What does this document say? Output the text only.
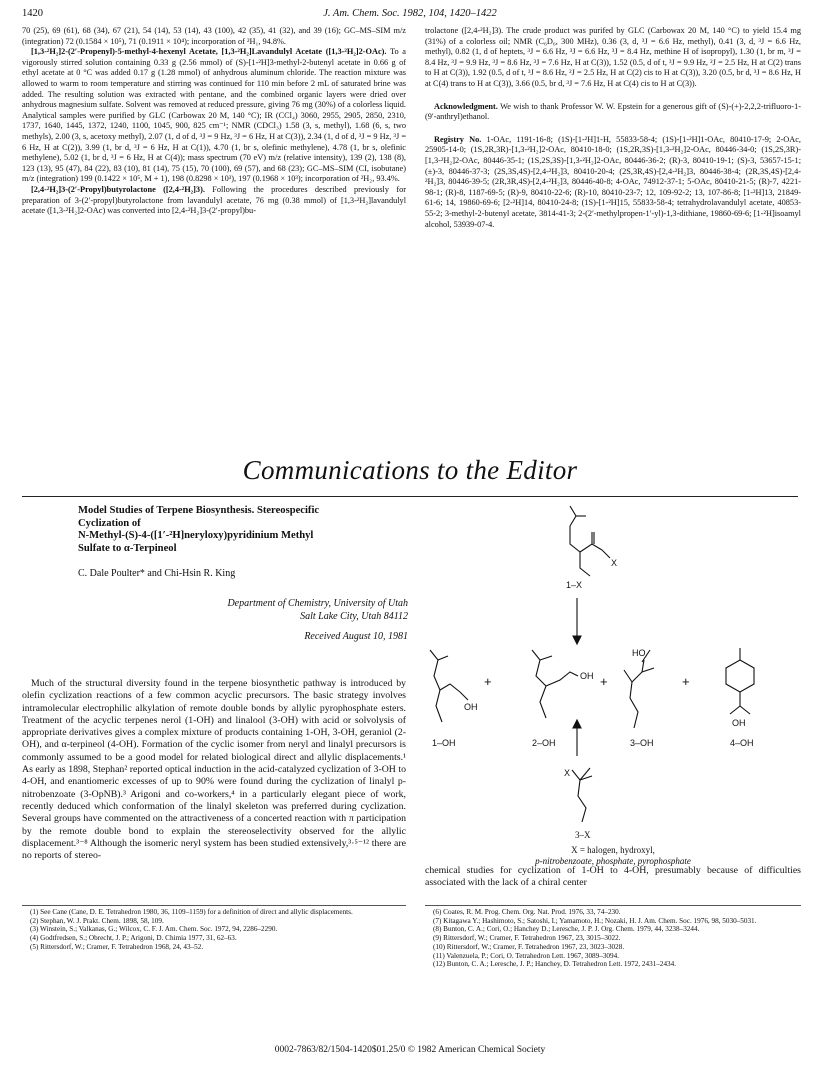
1420	J. Am. Chem. Soc. 1982, 104, 1420–1422

70 (25), 69 (61), 68 (34), 67 (21), 54 (14), 53 (14), 43 (100), 42 (35), 41 (32), and 39 (16); GC–MS–SIM m/z (integration) 72 (0.1584 × 10⁵), 71 (0.1911 × 10⁴); incorporation of ²H₁, 94.8%.

[1,3-²H₂]2-(2′-Propenyl)-5-methyl-4-hexenyl Acetate, [1,3-²H₂]Lavandulyl Acetate ([1,3-²H₂]2-OAc). To a vigorously stirred solution containing 0.33 g (2.56 mmol) of (S)-[1-²H]3-methyl-2-butenyl acetate in 0.66 g of ethyl acetate at 0 °C was added 0.17 g (1.28 mmol) of anhydrous aluminum chloride. The reaction mixture was allowed to warm to room temperature and stirring was continued for 110 min before 2 mL of saturated brine was added. The resulting solution was extracted with pentane, and the combined organic layers were dried over anhydrous magnesium sulfate. Solvent was removed at reduced pressure, giving 76 mg (30%) of a colorless liquid. Analytical samples were purified by GLC (Carbowax 20 M, 140 °C); IR (CCl₄) 3060, 2955, 2905, 2850, 2310, 1737, 1640, 1445, 1372, 1240, 1100, 1045, 900, 825 cm⁻¹; NMR (CDCl₃) 1.58 (3, s, methyl), 1.68 (6, s, two methyls), 2.00 (3, s, acetoxy methyl), 2.07 (1, d of d, ³J = 9 Hz, ³J = 6 Hz, H at C(3)), 2.34 (1, d of d, ³J = 9 Hz, ³J = 6 Hz, H at C(2)), 3.99 (1, br d, ³J = 6 Hz, H at C(1)), 4.70 (1, br s, olefinic methylene), 4.78 (1, br s, olefinic methylene), 5.02 (1, br d, ³J = 6 Hz, H at C(4)); mass spectrum (70 eV) m/z (relative intensity), 139 (2), 138 (8), 123 (13), 95 (47), 84 (22), 83 (10), 81 (14), 75 (15), 70 (100), 69 (57), and 68 (23); GC–MS–SIM (CI, isobutane) m/z (integration) 199 (0.1422 × 10⁵, M + 1), 198 (0.8298 × 10³), 197 (0.1968 × 10³); incorporation of ²H₂, 93.4%.

[2,4-²H₂]3-(2′-Propyl)butyrolactone ([2,4-²H₂]3). Following the procedures described previously for preparation of 3-(2′-propyl)butyrolactone from lavandulyl acetate, 76 mg (0.38 mmol) of [1,3-²H₂]lavandulyl acetate ([1,3-²H₂]2-OAc) was converted into [2,4-²H₂]3-(2′-propyl)bu-

trolactone ([2,4-²H₂]3). The crude product was purifed by GLC (Carbowax 20 M, 140 °C) to yield 15.4 mg (31%) of a colorless oil; NMR (C₆D₆, 300 MHz), 0.36 (3, d, ³J = 6.6 Hz, methyl), 0.41 (3, d, ³J = 6.6 Hz, methyl), 0.82 (1, d of heptets, ³J = 6.6 Hz, ³J = 6.6 Hz, ³J = 8.4 Hz, methine H of isopropyl), 1.30 (1, br m, ³J = 8.4 Hz, ³J = 9.9 Hz, ³J = 8.6 Hz, ³J = 7.6 Hz, H at C(3)), 1.52 (0.5, d of t, ³J = 9.9 Hz, ²J = 2.5 Hz, H at C(2) trans to H at C(3)), 1.92 (0.5, d of t, ³J = 8.6 Hz, ²J = 2.5 Hz, H at C(2) cis to H at C(3)), 3.20 (0.5, br d, ³J = 8.6 Hz, H at C(4) trans to H at C(3)), 3.66 (0.5, br d, ³J = 7.6 Hz, H at C(4) cis to H at C(3)).

Acknowledgment. We wish to thank Professor W. W. Epstein for a generous gift of (S)-(+)-2,2,2-trifluoro-1-(9′-anthryl)ethanol.

Registry No. 1-OAc, 1191-16-8; (1S)-[1-²H]1-H, 55833-58-4; (1S)-[1-²H]1-OAc, 80410-17-9; 2-OAc, 25905-14-0; (1S,2R,3R)-[1,3-²H₂]2-OAc, 80410-18-0; (1S,2R,3S)-[1,3-²H₂]2-OAc, 80446-34-0; (1S,2S,3R)-[1,3-²H₂]2-OAc, 80446-35-1; (1S,2S,3S)-[1,3-²H₂]2-OAc, 80446-36-2; (R)-3, 80410-19-1; (S)-3, 53657-15-1; (±)-3, 80446-37-3; (2S,3S,4S)-[2,4-²H₂]3, 80410-20-4; (2S,3R,4S)-[2,4-²H₂]3, 80446-38-4; (2R,3S,4S)-[2,4-²H₂]3, 80446-39-5; (2R,3R,4S)-[2,4-²H₂]3, 80446-40-8; 4-OAc, 74912-37-1; 5-OAc, 80410-21-5; (R)-7, 4221-98-1; (R)-8, 1187-69-5; (R)-9, 80410-22-6; (R)-10, 80410-23-7; 12, 109-92-2; 13, 107-86-8; [1-²H]13, 21849-61-6; 14, 19860-69-6; [2-²H]14, 80410-24-8; (1S)-[1-²H]15, 55833-58-4; tetrahydrolavandulyl acetate, 40853-55-2; 3-methyl-2-butenyl acetate, 3814-41-3; 2-(2′-methylpropen-1′-yl)-1,3-dithiane, 19860-69-6; [1-²H]isoamyl alcohol, 53939-07-4.

Communications to the Editor
Model Studies of Terpene Biosynthesis. Stereospecific
Cyclization of
N-Methyl-(S)-4-([1′-²H]neryloxy)pyridinium Methyl
Sulfate to α-Terpineol
C. Dale Poulter* and Chi-Hsin R. King
Department of Chemistry, University of Utah
Salt Lake City, Utah 84112
Received August 10, 1981

Much of the structural diversity found in the terpene biosynthetic pathway is introduced by olefin cyclization reactions of a few common acyclic precursors. The basic strategy involves intramolecular electrophilic alkylation of remote double bonds by allylic pyrophosphate esters. Treatment of the acyclic terpenes nerol (1-OH) and linalool (3-OH) with acid or solvolysis of appropriate derivatives gives a complex mixture of products containing 1-OH, 3-OH, geraniol (2-OH), and α-terpineol (4-OH). Formation of the cyclic isomer from neryl and linalyl precursors is commonly assumed to be a good model for related biological direct and allylic displacements.¹ As early as 1898, Stephan² reported optical induction in the acid-catalyzed cyclization of 3-OH to 4-OH, and enantiomeric excesses of up to 90% were found during the cyclization of linalyl p-nitrobenzoate (3-OpNB).³ Arigoni and co-workers,⁴ in a particularly elegant piece of work, recently deduced which conformation of the linalyl skeleton was preferred during cyclization. Several groups have commented on the attractiveness of a concerted reaction with π participation by the remote double bond to explain the stereoselectivity observed for the allylic displacement.³⁻⁸ Although the isomeric neryl system has been studied extensively,³·⁵⁻¹² there are no reports of stereo-

X
1–X
OH
+	OH +
HO
+
OH
1–OH	2–OH	3–OH	4–OH
X
3–X
X = halogen, hydroxyl,
p-nitrobenzoate, phosphate, pyrophosphate
chemical studies for cyclization of 1-OH to 4-OH, presumably because of difficulties associated with the lack of a chiral center

(1) See Cane (Cane, D. E. Tetrahedron 1980, 36, 1109–1159) for a definition of direct and allylic displacements.

(2) Stephan, W. J. Prakt. Chem. 1898, 58, 109.

(3) Winstein, S.; Valkanas, G.; Wilcox, C. F. J. Am. Chem. Soc. 1972, 94, 2286–2290.

(4) Godtfredsen, S.; Obrecht, J. P.; Arigoni, D. Chimia 1977, 31, 62–63.

(5) Rittersdorf, W.; Cramer, F. Tetrahedron 1968, 24, 43–52.

(6) Coates, R. M. Prog. Chem. Org. Nat. Prod. 1976, 33, 74–230.

(7) Kitagawa Y.; Hashimoto, S.; Satoshi, I.; Yamamoto, H.; Nozaki, H. J. Am. Chem. Soc. 1976, 98, 5030–5031.

(8) Bunton, C. A.; Cori, O.; Hanchey D.; Leresche, J. P. J. Org. Chem. 1979, 44, 3238–3244.

(9) Rittersdorf, W.; Cramer, F. Tetrahedron 1967, 23, 3015–3022.

(10) Rittersdorf, W.; Cramer, F. Tetrahedron 1967, 23, 3023–3028.

(11) Valenzuela, P.; Cori, O. Tetrahedron Lett. 1967, 3089–3094.

(12) Bunton, C. A.; Leresche, J. P.; Hanchey, D. Tetrahedron Lett. 1972, 2431–2434.

0002-7863/82/1504-1420$01.25/0 © 1982 American Chemical Society
